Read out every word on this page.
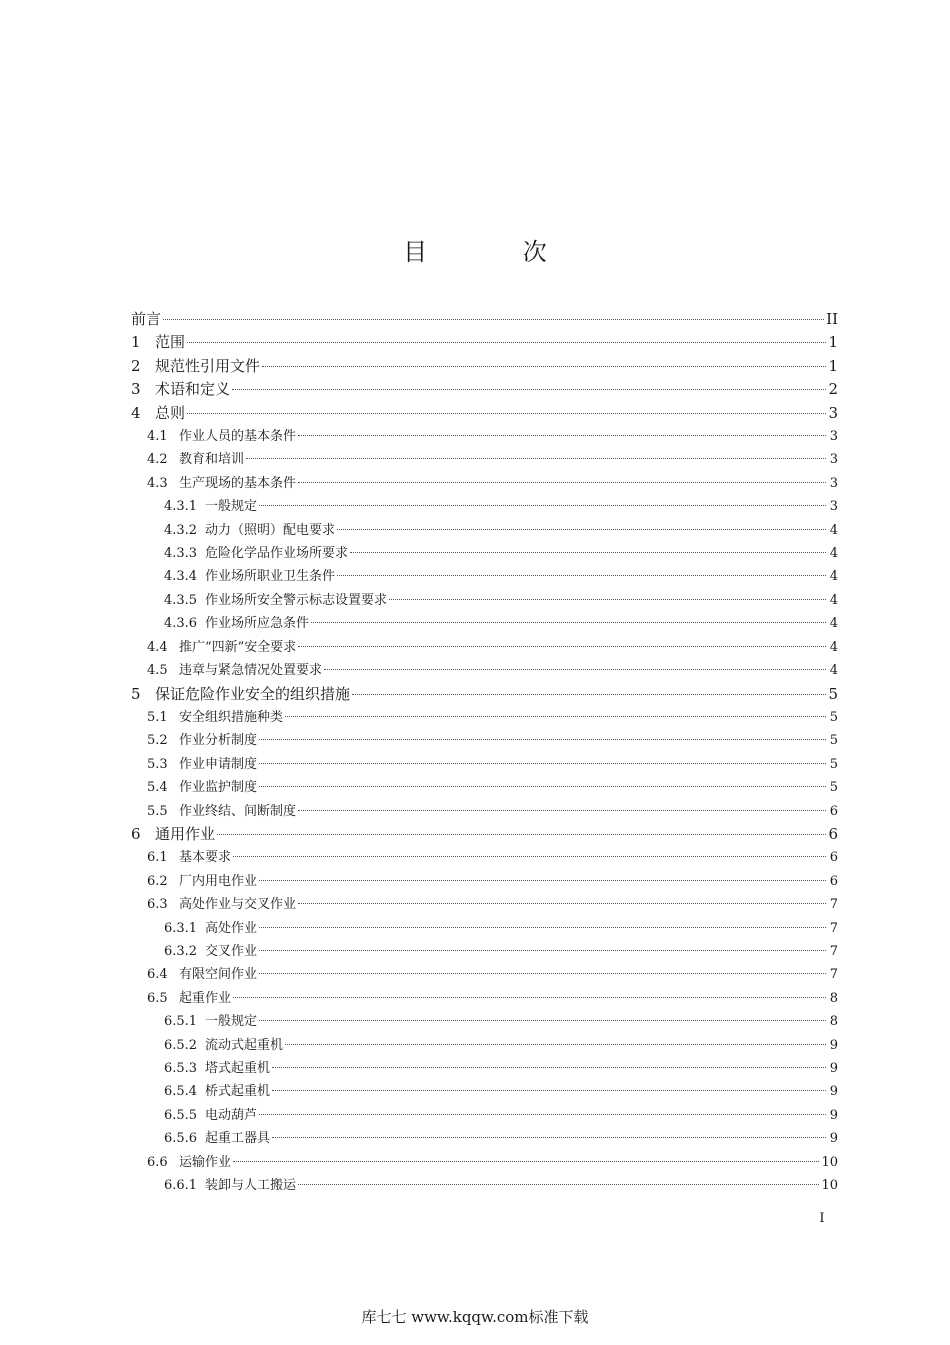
目 次
前言	II
1 范围	1
2 规范性引用文件	1
3 术语和定义	2
4 总则	3
4.1 作业人员的基本条件	3
4.2 教育和培训	3
4.3 生产现场的基本条件	3
4.3.1 一般规定	3
4.3.2 动力（照明）配电要求	4
4.3.3 危险化学品作业场所要求	4
4.3.4 作业场所职业卫生条件	4
4.3.5 作业场所安全警示标志设置要求	4
4.3.6 作业场所应急条件	4
4.4 推广“四新”安全要求	4
4.5 违章与紧急情况处置要求	4
5 保证危险作业安全的组织措施	5
5.1 安全组织措施种类	5
5.2 作业分析制度	5
5.3 作业申请制度	5
5.4 作业监护制度	5
5.5 作业终结、间断制度	6
6 通用作业	6
6.1 基本要求	6
6.2 厂内用电作业	6
6.3 高处作业与交叉作业	7
6.3.1 高处作业	7
6.3.2 交叉作业	7
6.4 有限空间作业	7
6.5 起重作业	8
6.5.1 一般规定	8
6.5.2 流动式起重机	9
6.5.3 塔式起重机	9
6.5.4 桥式起重机	9
6.5.5 电动葫芦	9
6.5.6 起重工器具	9
6.6 运输作业	10
6.6.1 装卸与人工搬运	10
I
库七七 www.kqqw.com标准下载
